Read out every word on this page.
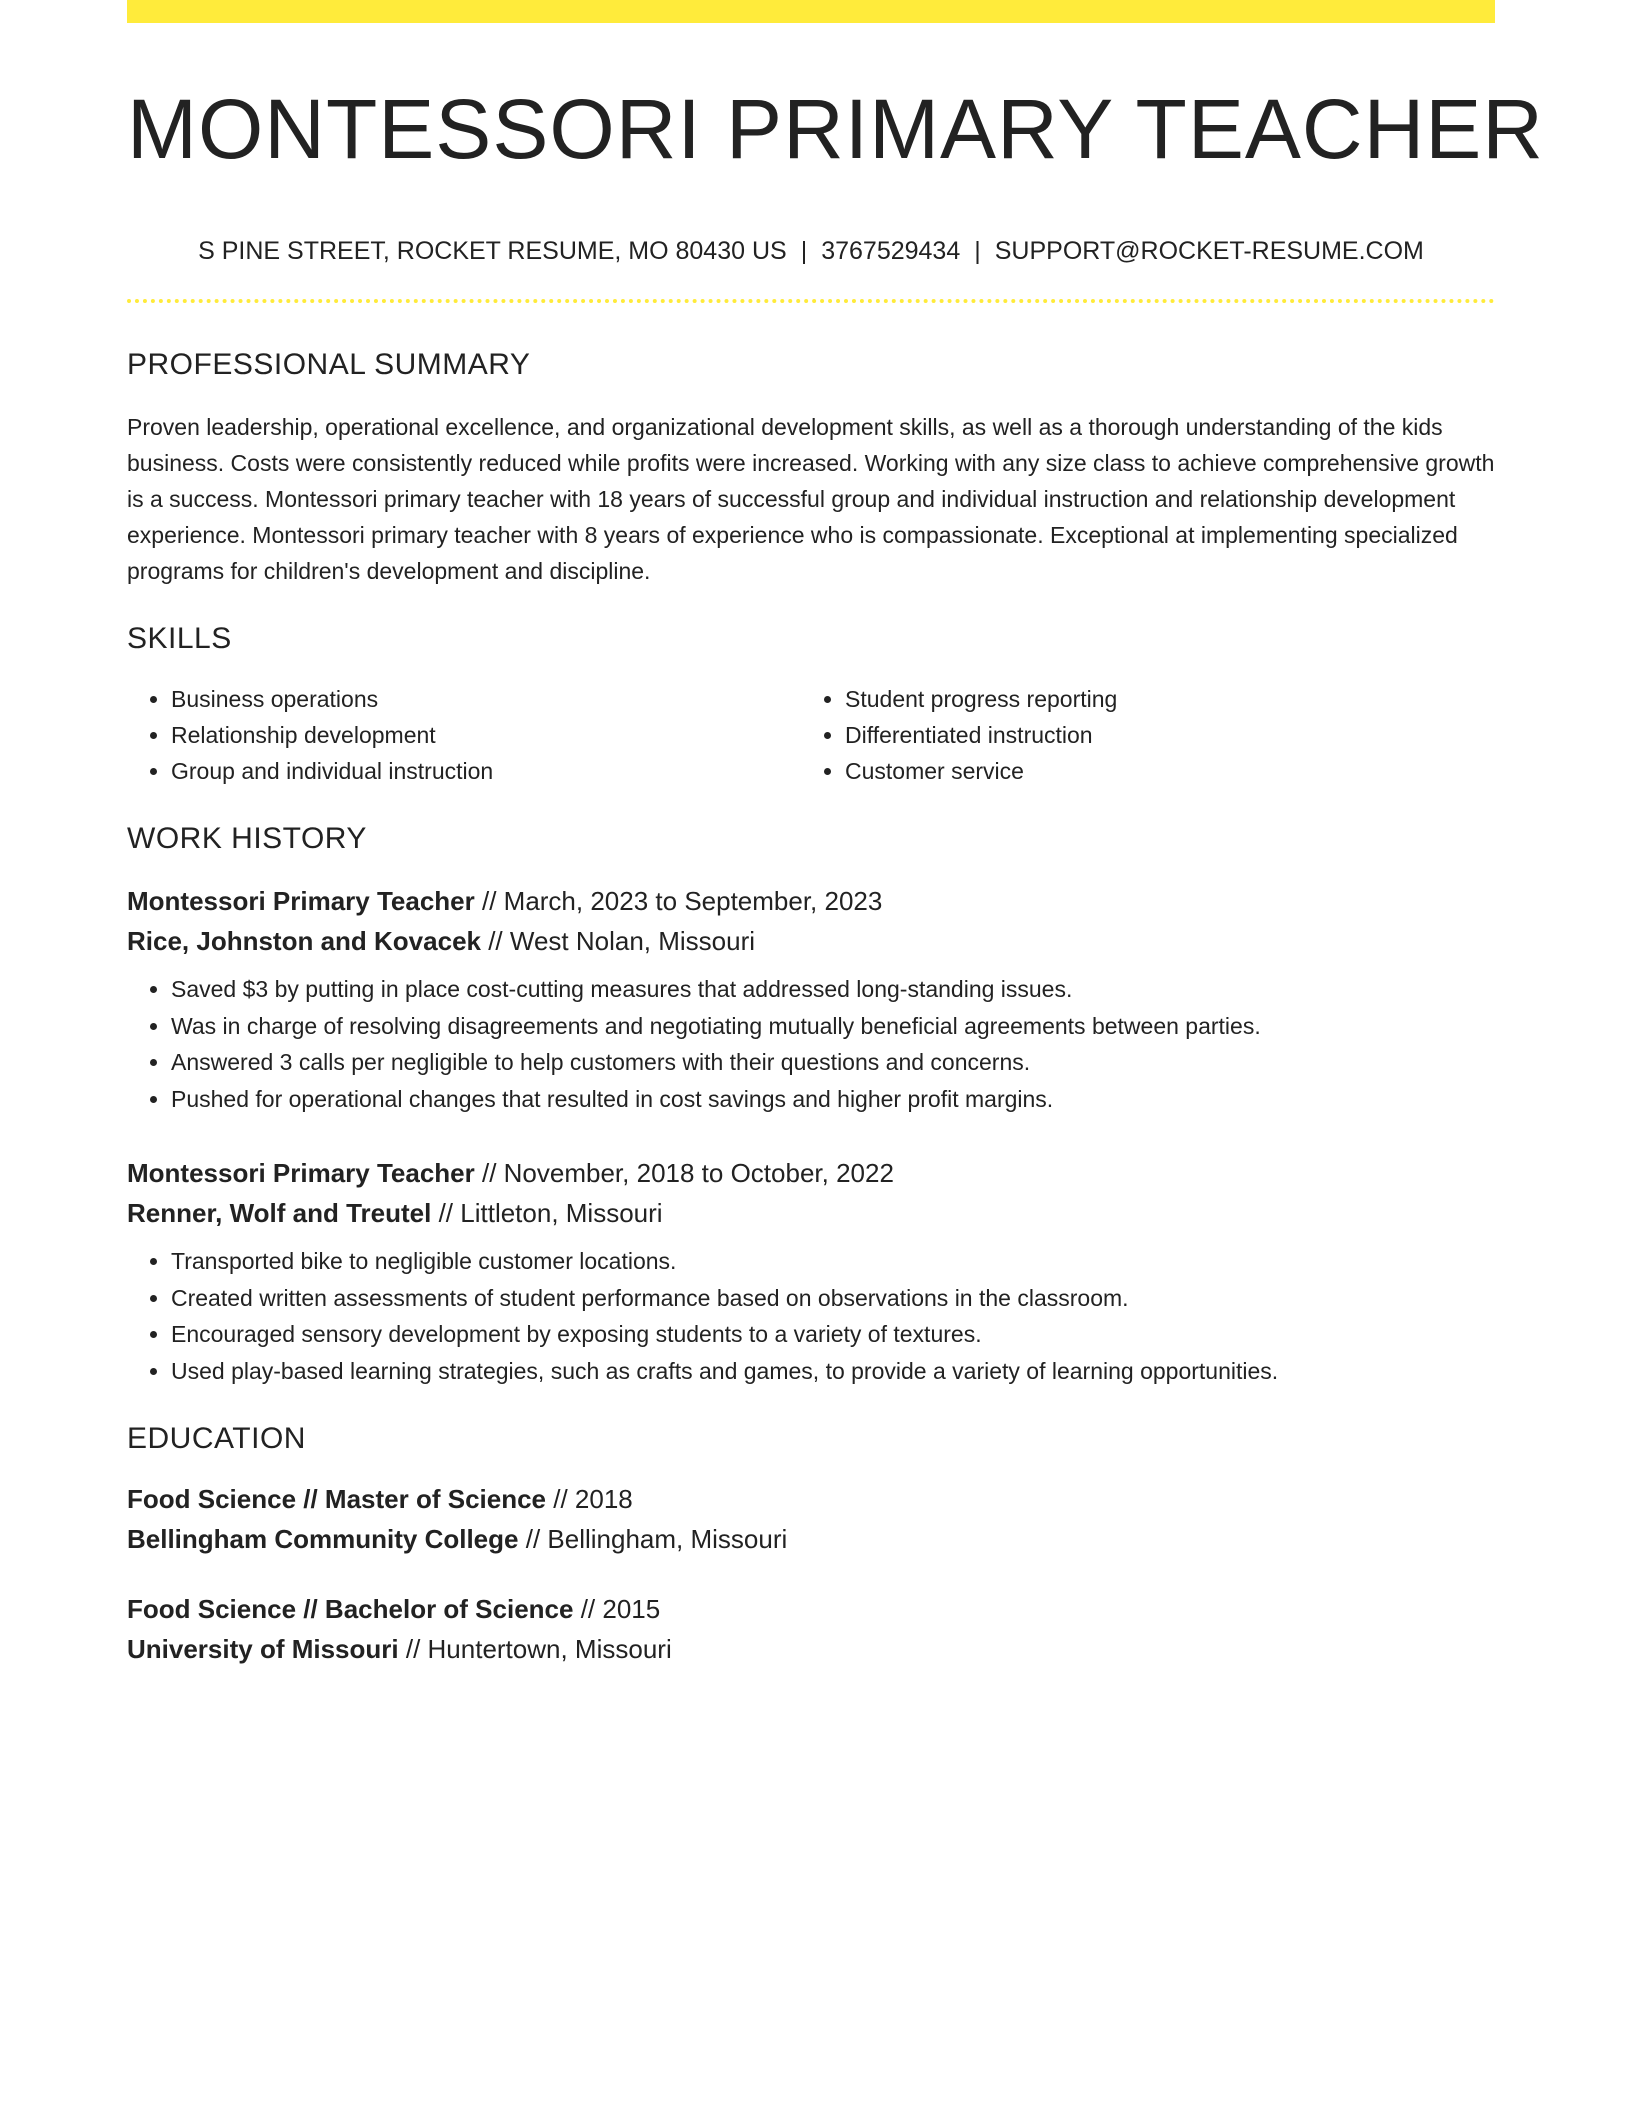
MONTESSORI PRIMARY TEACHER
S PINE STREET, ROCKET RESUME, MO 80430 US | 3767529434 | SUPPORT@ROCKET-RESUME.COM
PROFESSIONAL SUMMARY

Proven leadership, operational excellence, and organizational development skills, as well as a thorough understanding of the kids business. Costs were consistently reduced while profits were increased. Working with any size class to achieve comprehensive growth is a success. Montessori primary teacher with 18 years of successful group and individual instruction and relationship development experience. Montessori primary teacher with 8 years of experience who is compassionate. Exceptional at implementing specialized programs for children's development and discipline.

SKILLS
• Business operations
• Relationship development
• Group and individual instruction
• Student progress reporting
• Differentiated instruction
• Customer service
WORK HISTORY
Montessori Primary Teacher // March, 2023 to September, 2023
Rice, Johnston and Kovacek // West Nolan, Missouri
• Saved $3 by putting in place cost-cutting measures that addressed long-standing issues.
• Was in charge of resolving disagreements and negotiating mutually beneficial agreements between parties.
• Answered 3 calls per negligible to help customers with their questions and concerns.
• Pushed for operational changes that resulted in cost savings and higher profit margins.
Montessori Primary Teacher // November, 2018 to October, 2022
Renner, Wolf and Treutel // Littleton, Missouri
• Transported bike to negligible customer locations.
• Created written assessments of student performance based on observations in the classroom.
• Encouraged sensory development by exposing students to a variety of textures.
• Used play-based learning strategies, such as crafts and games, to provide a variety of learning opportunities.
EDUCATION
Food Science // Master of Science // 2018
Bellingham Community College // Bellingham, Missouri
Food Science // Bachelor of Science // 2015
University of Missouri // Huntertown, Missouri
